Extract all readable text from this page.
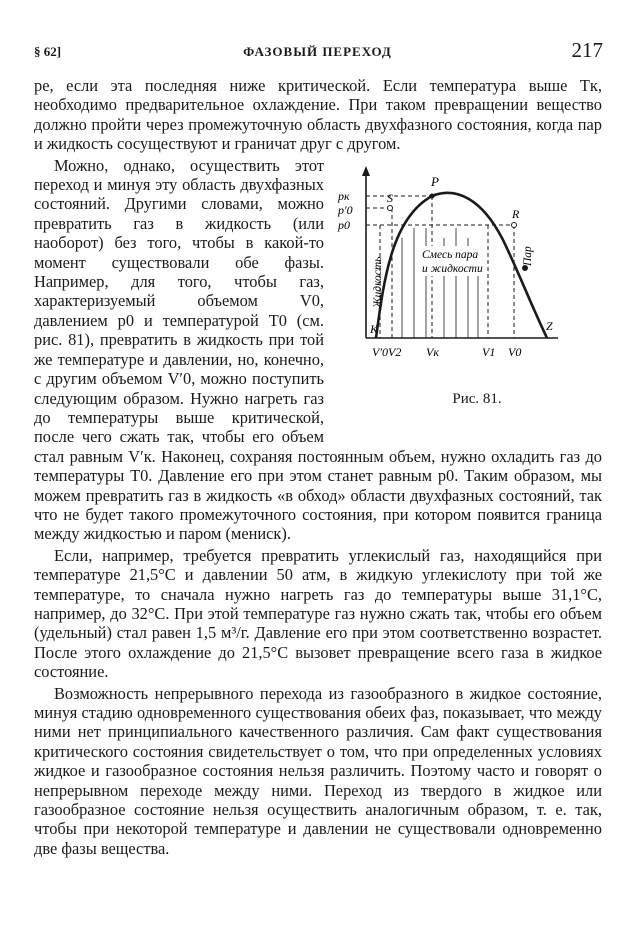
§ 62]	ФАЗОВЫЙ ПЕРЕХОД	217

ре, если эта последняя ниже критической. Если температура выше Tк, необходимо предварительное охлаждение. При таком превращении вещество должно пройти через промежуточную область двухфазного состояния, когда пар и жидкость сосуществуют и граничат друг с другом.

pк
p′0
p0
P
S
R
K	Z
V′0 V2 Vк	V1 V0
Жидкость
Смесь пара
и жидкости
Пар
Рис. 81.
Можно, однако, осуществить этот переход и минуя эту область двухфазных состояний. Другими словами, можно превратить газ в жидкость (или наоборот) без того, чтобы в какой-то момент существовали обе фазы. Например, для того, чтобы газ, характеризуемый объемом V0, давлением p0 и температурой T0 (см. рис. 81), превратить в жидкость при той же температуре и давлении, но, конечно, с другим объемом V′0, можно поступить следующим образом. Нужно нагреть газ до температуры выше критической, после чего сжать так, чтобы его объем стал равным V′к. Наконец, сохраняя постоянным объем, нужно охладить газ до температуры T0. Давление его при этом станет равным p0. Таким образом, мы можем превратить газ в жидкость «в обход» области двухфазных состояний, так что не будет такого промежуточного состояния, при котором появится граница между жидкостью и паром (мениск).

Если, например, требуется превратить углекислый газ, находящийся при температуре 21,5°C и давлении 50 атм, в жидкую углекислоту при той же температуре, то сначала нужно нагреть газ до температуры выше 31,1°C, например, до 32°C. При этой температуре газ нужно сжать так, чтобы его объем (удельный) стал равен 1,5 м³/г. Давление его при этом соответственно возрастет. После этого охлаждение до 21,5°C вызовет превращение всего газа в жидкое состояние.

Возможность непрерывного перехода из газообразного в жидкое состояние, минуя стадию одновременного существования обеих фаз, показывает, что между ними нет принципиального качественного различия. Сам факт существования критического состояния свидетельствует о том, что при определенных условиях жидкое и газообразное состояния нельзя различить. Поэтому часто и говорят о непрерывном переходе между ними. Переход из твердого в жидкое или газообразное состояние нельзя осуществить аналогичным образом, т. е. так, чтобы при некоторой температуре и давлении не существовали одновременно две фазы вещества.
